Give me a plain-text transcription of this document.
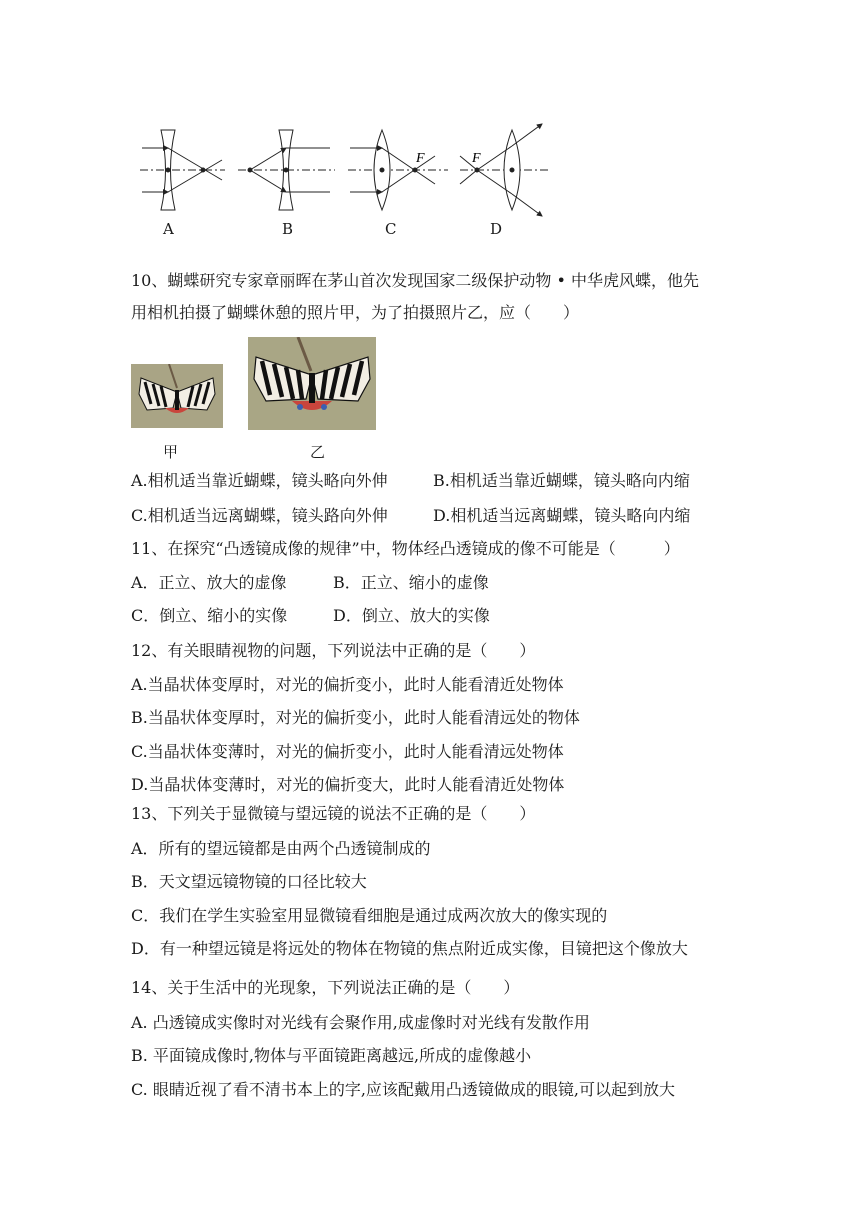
F	F
A	B	C	D
10、蝴蝶研究专家章丽晖在茅山首次发现国家二级保护动物 • 中华虎风蝶，他先
用相机拍摄了蝴蝶休憩的照片甲，为了拍摄照片乙，应（　　）
甲	乙
A.相机适当靠近蝴蝶，镜头略向外伸	B.相机适当靠近蝴蝶，镜头略向内缩
C.相机适当远离蝴蝶，镜头路向外伸	D.相机适当远离蝴蝶，镜头略向内缩
11、在探究“凸透镜成像的规律”中，物体经凸透镜成的像不可能是（　　　）
A．正立、放大的虚像	B．正立、缩小的虚像
C．倒立、缩小的实像	D．倒立、放大的实像
12、有关眼睛视物的问题，下列说法中正确的是（　　）
A.当晶状体变厚时，对光的偏折变小，此时人能看清近处物体
B.当晶状体变厚时，对光的偏折变小，此时人能看清远处的物体
C.当晶状体变薄时，对光的偏折变小，此时人能看清远处物体
D.当晶状体变薄时，对光的偏折变大，此时人能看清近处物体
13、下列关于显微镜与望远镜的说法不正确的是（　　）
A．所有的望远镜都是由两个凸透镜制成的
B．天文望远镜物镜的口径比较大
C．我们在学生实验室用显微镜看细胞是通过成两次放大的像实现的
D．有一种望远镜是将远处的物体在物镜的焦点附近成实像，目镜把这个像放大
14、关于生活中的光现象，下列说法正确的是（　　）
A. 凸透镜成实像时对光线有会聚作用,成虚像时对光线有发散作用
B. 平面镜成像时,物体与平面镜距离越远,所成的虚像越小
C. 眼睛近视了看不清书本上的字,应该配戴用凸透镜做成的眼镜,可以起到放大
